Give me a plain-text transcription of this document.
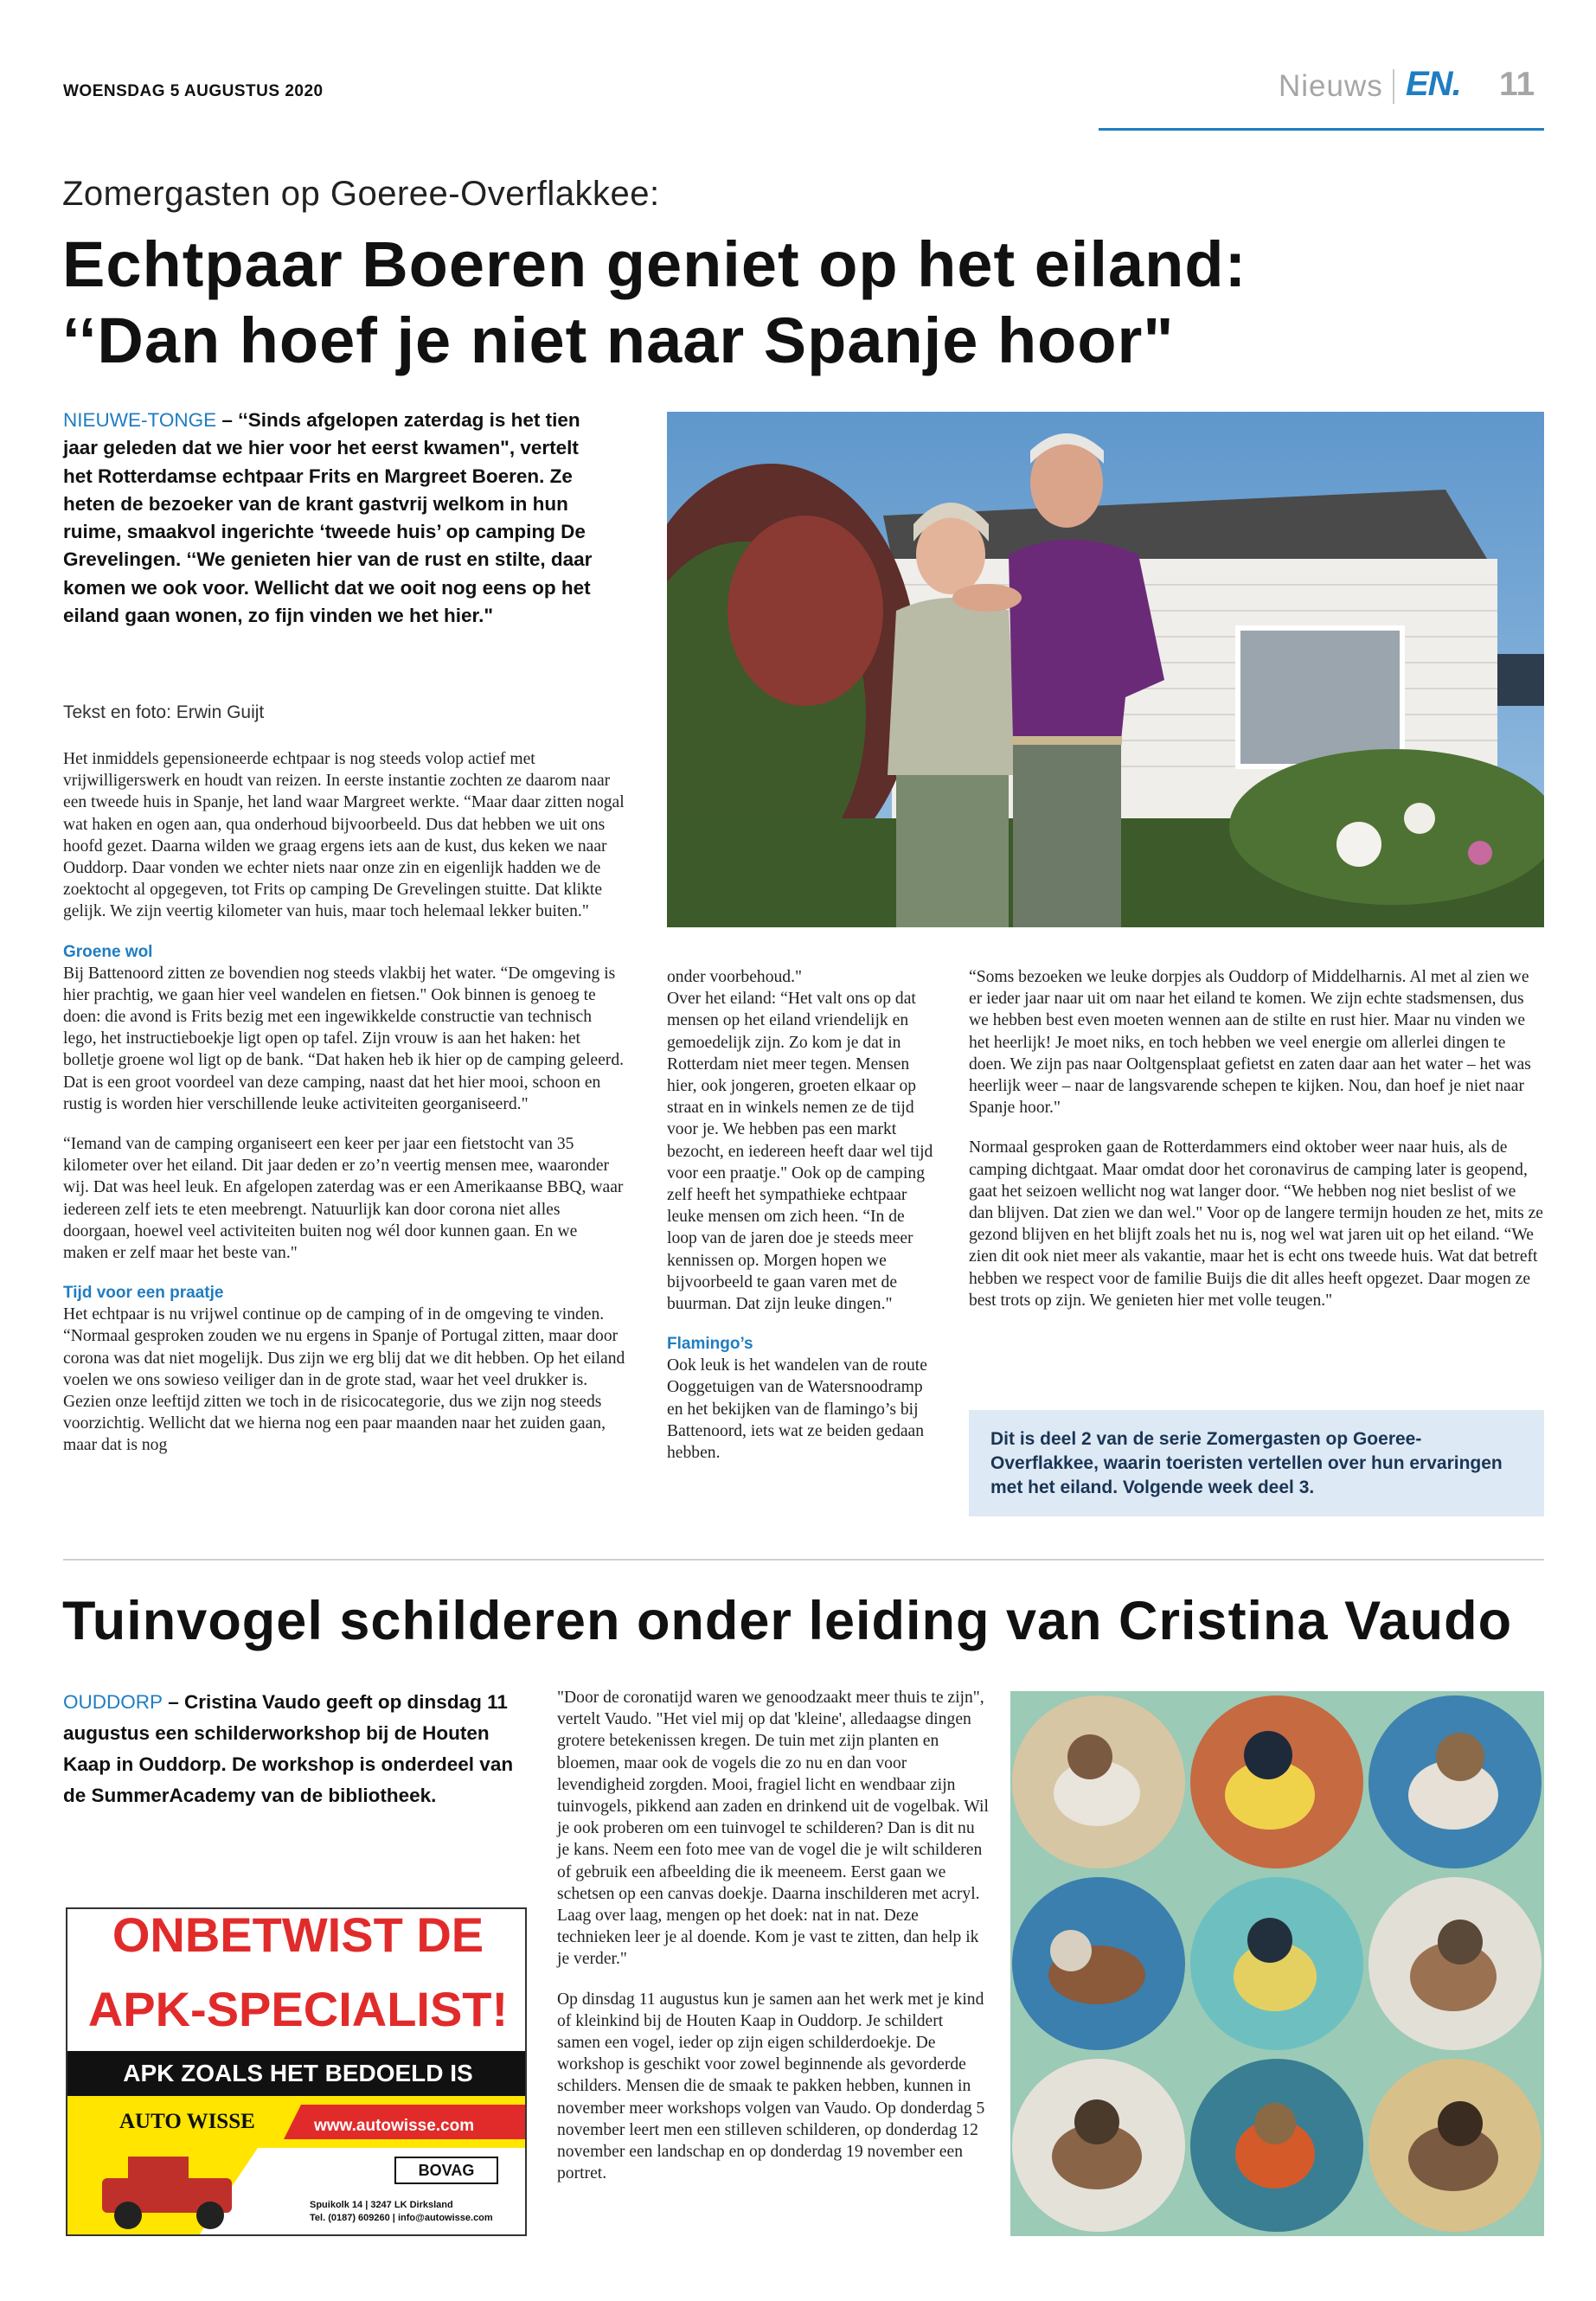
WOENSDAG 5 AUGUSTUS 2020	Nieuws EN. 11
Zomergasten op Goeree-Overflakkee:
Echtpaar Boeren geniet op het eiland:
‘‘Dan hoef je niet naar Spanje hoor"
NIEUWE-TONGE – ‘‘Sinds afgelopen zaterdag is het tien jaar geleden dat we hier voor het eerst kwamen", vertelt het Rotterdamse echtpaar Frits en Margreet Boeren. Ze heten de bezoeker van de krant gastvrij welkom in hun ruime, smaakvol ingerichte ‘tweede huis’ op camping De Grevelingen. ‘‘We genieten hier van de rust en stilte, daar komen we ook voor. Wellicht dat we ooit nog eens op het eiland gaan wonen, zo fijn vinden we het hier."
Tekst en foto: Erwin Guijt

Het inmiddels gepensioneerde echtpaar is nog steeds volop actief met vrijwilligerswerk en houdt van reizen. In eerste instantie zochten ze daarom naar een tweede huis in Spanje, het land waar Margreet werkte. “Maar daar zitten nogal wat haken en ogen aan, qua onderhoud bijvoorbeeld. Dus dat hebben we uit ons hoofd gezet. Daarna wilden we graag ergens iets aan de kust, dus keken we naar Ouddorp. Daar vonden we echter niets naar onze zin en eigenlijk hadden we de zoektocht al opgegeven, tot Frits op camping De Grevelingen stuitte. Dat klikte gelijk. We zijn veertig kilometer van huis, maar toch helemaal lekker buiten."

Groene wol

Bij Battenoord zitten ze bovendien nog steeds vlakbij het water. “De omgeving is hier prachtig, we gaan hier veel wandelen en fietsen." Ook binnen is genoeg te doen: die avond is Frits bezig met een ingewikkelde constructie van technisch lego, het instructieboekje ligt open op tafel. Zijn vrouw is aan het haken: het bolletje groene wol ligt op de bank. “Dat haken heb ik hier op de camping geleerd. Dat is een groot voordeel van deze camping, naast dat het hier mooi, schoon en rustig is worden hier verschillende leuke activiteiten georganiseerd."

“Iemand van de camping organiseert een keer per jaar een fietstocht van 35 kilometer over het eiland. Dit jaar deden er zo’n veertig mensen mee, waaronder wij. Dat was heel leuk. En afgelopen zaterdag was er een Amerikaanse BBQ, waar iedereen zelf iets te eten meebrengt. Natuurlijk kan door corona niet alles doorgaan, hoewel veel activiteiten buiten nog wél door kunnen gaan. En we maken er zelf maar het beste van."

Tijd voor een praatje

Het echtpaar is nu vrijwel continue op de camping of in de omgeving te vinden. “Normaal gesproken zouden we nu ergens in Spanje of Portugal zitten, maar door corona was dat niet mogelijk. Dus zijn we erg blij dat we dit hebben. Op het eiland voelen we ons sowieso veiliger dan in de grote stad, waar het veel drukker is. Gezien onze leeftijd zitten we toch in de risicocategorie, dus we zijn nog steeds voorzichtig. Wellicht dat we hierna nog een paar maanden naar het zuiden gaan, maar dat is nog

onder voorbehoud."
Over het eiland: “Het valt ons op dat mensen op het eiland vriendelijk en gemoedelijk zijn. Zo kom je dat in Rotterdam niet meer tegen. Mensen hier, ook jongeren, groeten elkaar op straat en in winkels nemen ze de tijd voor je. We hebben pas een markt bezocht, en iedereen heeft daar wel tijd voor een praatje." Ook op de camping zelf heeft het sympathieke echtpaar leuke mensen om zich heen. “In de loop van de jaren doe je steeds meer kennissen op. Morgen hopen we bijvoorbeeld te gaan varen met de buurman. Dat zijn leuke dingen."

Flamingo’s

Ook leuk is het wandelen van de route Ooggetuigen van de Watersnoodramp en het bekijken van de flamingo’s bij Battenoord, iets wat ze beiden gedaan hebben.

“Soms bezoeken we leuke dorpjes als Ouddorp of Middelharnis. Al met al zien we er ieder jaar naar uit om naar het eiland te komen. We zijn echte stadsmensen, dus we hebben best even moeten wennen aan de stilte en rust hier. Maar nu vinden we het heerlijk! Je moet niks, en toch hebben we veel energie om allerlei dingen te doen. We zijn pas naar Ooltgensplaat gefietst en zaten daar aan het water – het was heerlijk weer – naar de langsvarende schepen te kijken. Nou, dan hoef je niet naar Spanje hoor."

Normaal gesproken gaan de Rotterdammers eind oktober weer naar huis, als de camping dichtgaat. Maar omdat door het coronavirus de camping later is geopend, gaat het seizoen wellicht nog wat langer door. “We hebben nog niet beslist of we dan blijven. Dat zien we dan wel." Voor op de langere termijn houden ze het, mits ze gezond blijven en het blijft zoals het nu is, nog wel wat jaren uit op het eiland. “We zien dit ook niet meer als vakantie, maar het is echt ons tweede huis. Wat dat betreft hebben we respect voor de familie Buijs die dit alles heeft opgezet. Daar mogen ze best trots op zijn. We genieten hier met volle teugen."

Dit is deel 2 van de serie Zomergasten op Goeree-Overflakkee, waarin toeristen vertellen over hun ervaringen met het eiland. Volgende week deel 3.

Tuinvogel schilderen onder leiding van Cristina Vaudo
OUDDORP – Cristina Vaudo geeft op dinsdag 11 augustus een schilderworkshop bij de Houten Kaap in Ouddorp. De workshop is onderdeel van de SummerAcademy van de bibliotheek.

"Door de coronatijd waren we genoodzaakt meer thuis te zijn", vertelt Vaudo. "Het viel mij op dat 'kleine', alledaagse dingen grotere betekenissen kregen. De tuin met zijn planten en bloemen, maar ook de vogels die zo nu en dan voor levendigheid zorgden. Mooi, fragiel licht en wendbaar zijn tuinvogels, pikkend aan zaden en drinkend uit de vogelbak. Wil je ook proberen om een tuinvogel te schilderen? Dan is dit nu je kans. Neem een foto mee van de vogel die je wilt schilderen of gebruik een afbeelding die ik meeneem. Eerst gaan we schetsen op een canvas doekje. Daarna inschilderen met acryl. Laag over laag, mengen op het doek: nat in nat. Deze technieken leer je al doende. Kom je vast te zitten, dan help ik je verder."

Op dinsdag 11 augustus kun je samen aan het werk met je kind of kleinkind bij de Houten Kaap in Ouddorp. Je schildert samen een vogel, ieder op zijn eigen schilderdoekje. De workshop is geschikt voor zowel beginnende als gevorderde schilders. Mensen die de smaak te pakken hebben, kunnen in november meer workshops volgen van Vaudo. Op donderdag 5 november leert men een stilleven schilderen, op donderdag 12 november een landschap en op donderdag 19 november een portret.

ONBETWIST DE
APK-SPECIALIST!
APK ZOALS HET BEDOELD IS
AUTO WISSE	www.autowisse.com
BOVAG
Spuikolk 14 | 3247 LK Dirksland
Tel. (0187) 609260 | info@autowisse.com
